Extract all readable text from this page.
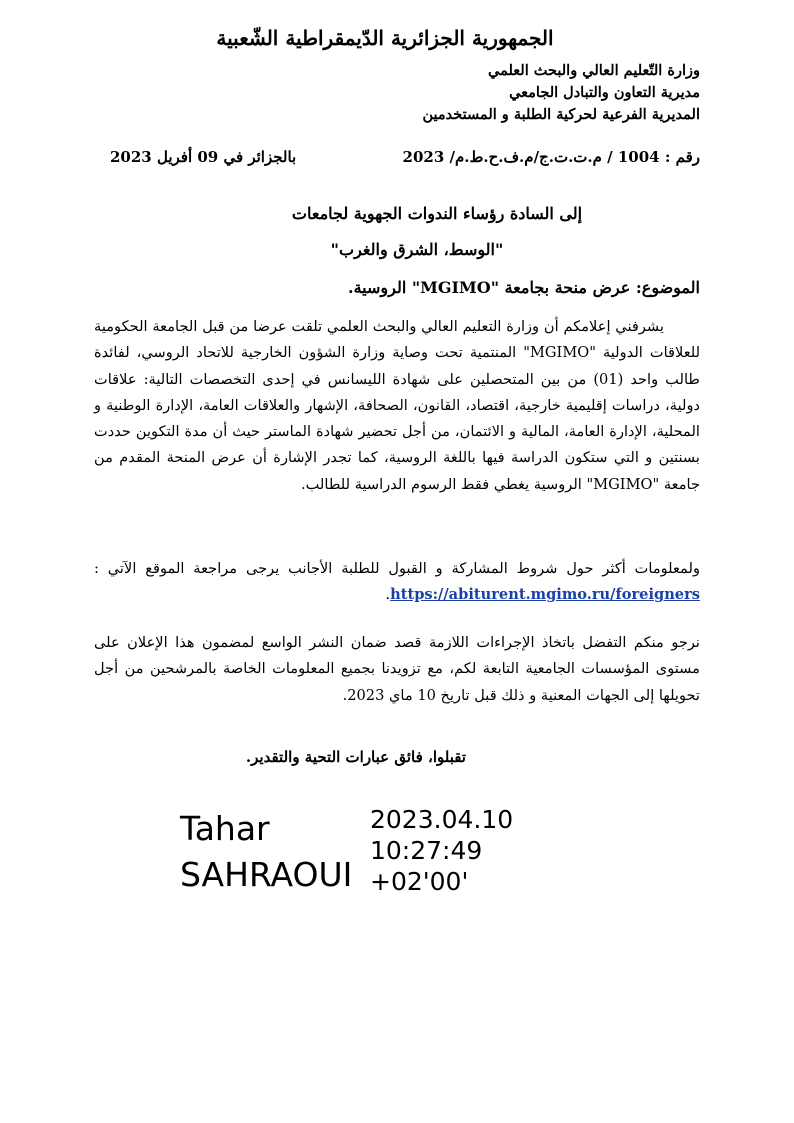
الجمهورية الجزائرية الدّيمقراطية الشّعبية
وزارة التّعليم العالي والبحث العلمي
مديرية التعاون والتبادل الجامعي
المديرية الفرعية لحركية الطلبة و المستخدمين
رقم : 1004 / م.ت.ت.ج/م.ف.ح.ط.م/ 2023
بالجزائر في 09 أفريل 2023
إلى السادة رؤساء الندوات الجهوية لجامعات
"الوسط، الشرق والغرب"
الموضوع: عرض منحة بجامعة "MGIMO" الروسية.
يشرفني إعلامكم أن وزارة التعليم العالي والبحث العلمي تلقت عرضا من قبل الجامعة الحكومية للعلاقات الدولية "MGIMO" المنتمية تحت وصاية وزارة الشؤون الخارجية للاتحاد الروسي، لفائدة طالب واحد (01) من بين المتحصلين على شهادة الليسانس في إحدى التخصصات التالية: علاقات دولية، دراسات إقليمية خارجية، اقتصاد، القانون، الصحافة، الإشهار والعلاقات العامة، الإدارة الوطنية و المحلية، الإدارة العامة، المالية و الائتمان، من أجل تحضير شهادة الماستر حيث أن مدة التكوين حددت بسنتين و التي ستكون الدراسة فيها باللغة الروسية، كما تجدر الإشارة أن عرض المنحة المقدم من جامعة "MGIMO" الروسية يغطي فقط الرسوم الدراسية للطالب.
ولمعلومات أكثر حول شروط المشاركة و القبول للطلبة الأجانب يرجى مراجعة الموقع الآتي : https://abiturent.mgimo.ru/foreigners.
نرجو منكم التفضل باتخاذ الإجراءات اللازمة قصد ضمان النشر الواسع لمضمون هذا الإعلان على مستوى المؤسسات الجامعية التابعة لكم، مع تزويدنا بجميع المعلومات الخاصة بالمرشحين من أجل تحويلها إلى الجهات المعنية و ذلك قبل تاريخ 10 ماي 2023.
تقبلوا، فائق عبارات التحية والتقدير.
Tahar
SAHRAOUI
2023.04.10
10:27:49
+02'00'
